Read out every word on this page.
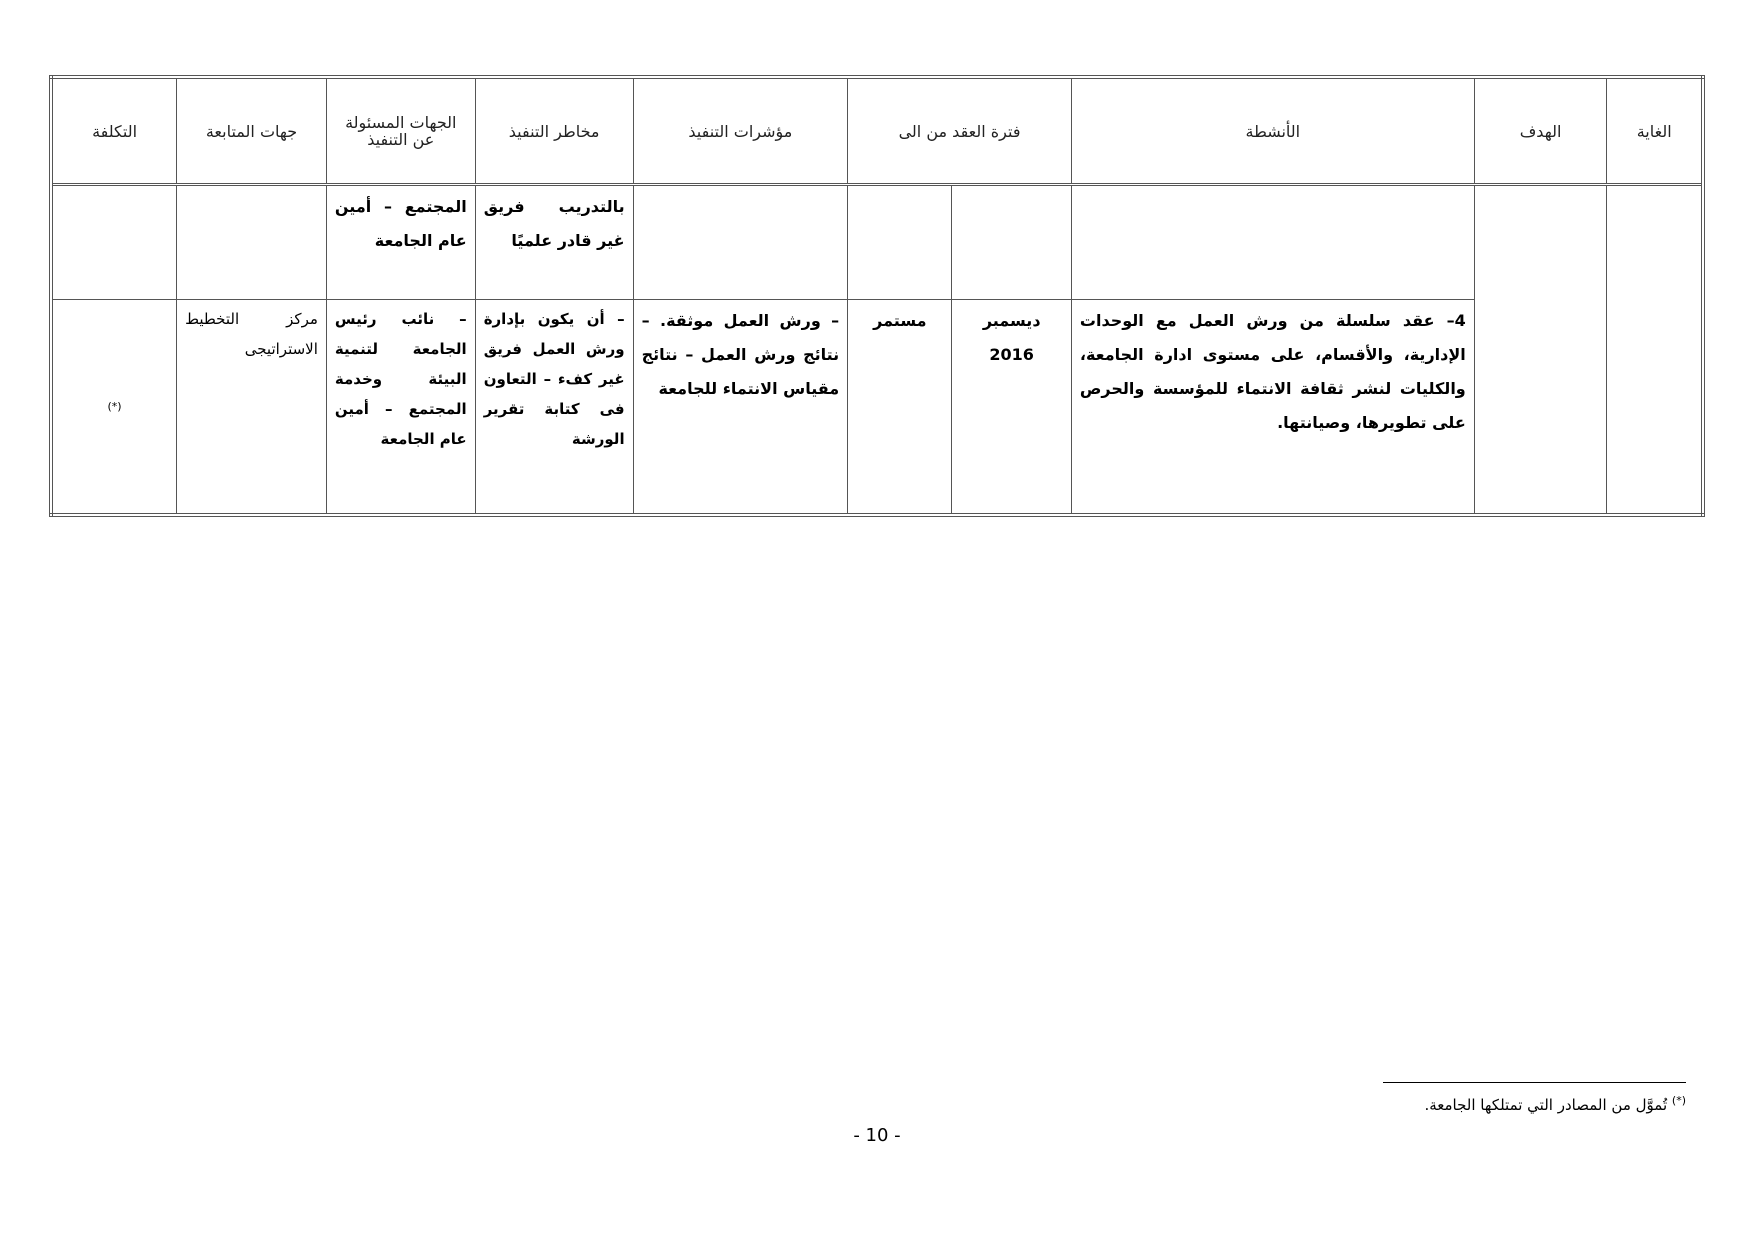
الغاية	الهدف	الأنشطة	فترة العقد من الى		مؤشرات التنفيذ	مخاطر التنفيذ	الجهات المسئولة عن التنفيذ	جهات المتابعة	التكلفة
						بالتدريب فريق غير قادر علميًا	المجتمع – أمين عام الجامعة		
		4– عقد سلسلة من ورش العمل مع الوحدات الإدارية، والأقسام، على مستوى ادارة الجامعة، والكليات لنشر ثقافة الانتماء للمؤسسة والحرص على تطويرها، وصيانتها.	ديسمبر 2016	مستمر	– ورش العمل موثقة. – نتائج ورش العمل – نتائج مقياس الانتماء للجامعة	– أن يكون بإدارة ورش العمل فريق غير كفء – التعاون فى كتابة تقرير الورشة	– نائب رئيس الجامعة لتنمية البيئة وخدمة المجتمع – أمين عام الجامعة	مركز التخطيط الاستراتيجى	(*)
(*) تُموَّل من المصادر التي تمتلكها الجامعة.
- 10 -
